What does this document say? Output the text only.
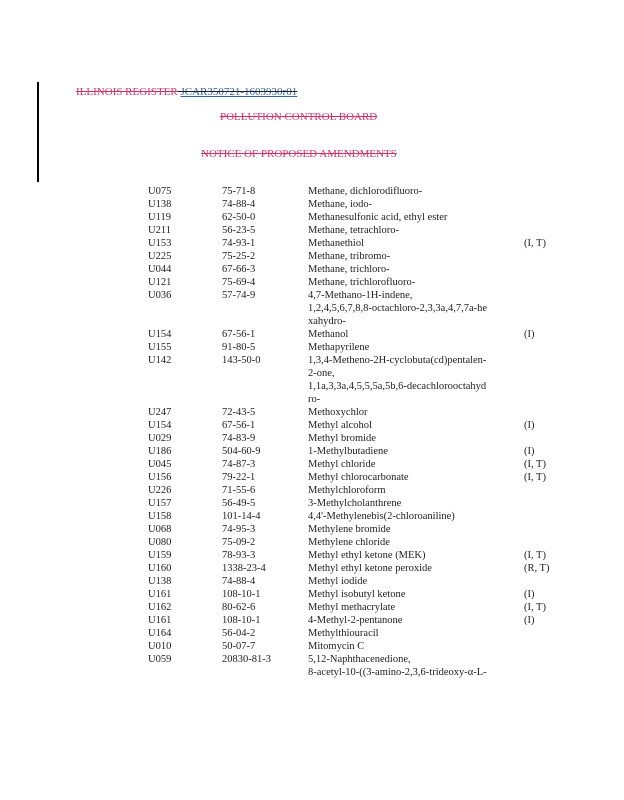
ILLINOIS REGISTER JCAR350721-1603930r01
POLLUTION CONTROL BOARD
NOTICE OF PROPOSED AMENDMENTS
U075	75-71-8	Methane, dichlorodifluoro-	

U138	74-88-4	Methane, iodo-	

U119	62-50-0	Methanesulfonic acid, ethyl ester	

U211	56-23-5	Methane, tetrachloro-	

U153	74-93-1	Methanethiol	(I, T)
U225	75-25-2	Methane, tribromo-	

U044	67-66-3	Methane, trichloro-	

U121	75-69-4	Methane, trichlorofluoro-	

U036	57-74-9	4,7-Methano-1H-indene,
1,2,4,5,6,7,8,8-octachloro-2,3,3a,4,7,7a-he
xahydro-	

U154	67-56-1	Methanol	(I)
U155	91-80-5	Methapyrilene	

U142	143-50-0	1,3,4-Metheno-2H-cyclobuta(cd)pentalen-
2-one,
1,1a,3,3a,4,5,5,5a,5b,6-decachlorooctahyd
ro-	

U247	72-43-5	Methoxychlor	

U154	67-56-1	Methyl alcohol	(I)
U029	74-83-9	Methyl bromide	

U186	504-60-9	1-Methylbutadiene	(I)
U045	74-87-3	Methyl chloride	(I, T)
U156	79-22-1	Methyl chlorocarbonate	(I, T)
U226	71-55-6	Methylchloroform	

U157	56-49-5	3-Methylcholanthrene	

U158	101-14-4	4,4'-Methylenebis(2-chloroaniline)	

U068	74-95-3	Methylene bromide	

U080	75-09-2	Methylene chloride	

U159	78-93-3	Methyl ethyl ketone (MEK)	(I, T)
U160	1338-23-4	Methyl ethyl ketone peroxide	(R, T)
U138	74-88-4	Methyl iodide	

U161	108-10-1	Methyl isobutyl ketone	(I)
U162	80-62-6	Methyl methacrylate	(I, T)
U161	108-10-1	4-Methyl-2-pentanone	(I)
U164	56-04-2	Methylthiouracil	

U010	50-07-7	Mitomycin C	

U059	20830-81-3	5,12-Naphthacenedione,
8-acetyl-10-((3-amino-2,3,6-trideoxy-α-L-	
